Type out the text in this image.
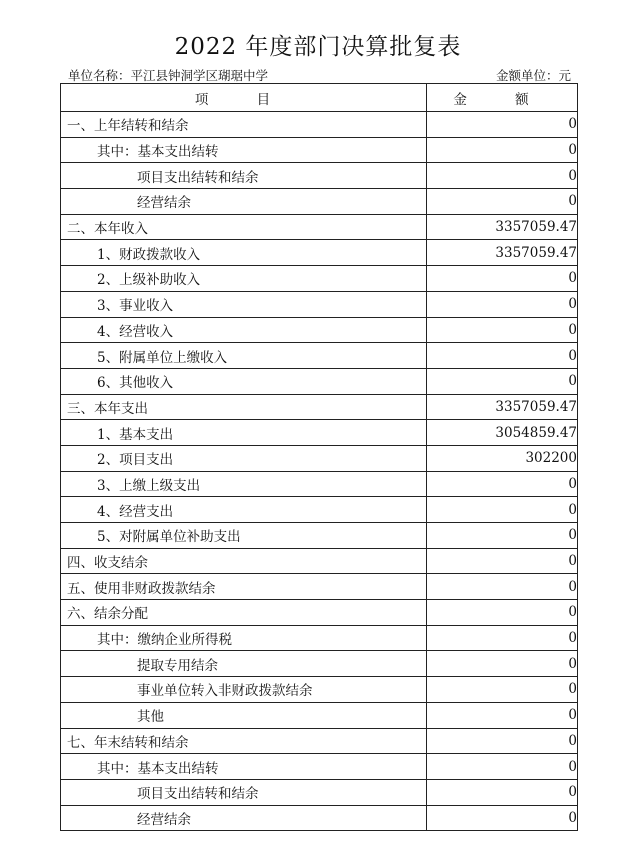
2022 年度部门决算批复表
单位名称：平江县钟洞学区瑚琚中学	金额单位：元
项 目	金 额
一、上年结转和结余	0
其中：基本支出结转	0
项目支出结转和结余	0
经营结余	0
二、本年收入	3357059.47
1、财政拨款收入	3357059.47
2、上级补助收入	0
3、事业收入	0
4、经营收入	0
5、附属单位上缴收入	0
6、其他收入	0
三、本年支出	3357059.47
1、基本支出	3054859.47
2、项目支出	302200
3、上缴上级支出	0
4、经营支出	0
5、对附属单位补助支出	0
四、收支结余	0
五、使用非财政拨款结余	0
六、结余分配	0
其中：缴纳企业所得税	0
提取专用结余	0
事业单位转入非财政拨款结余	0
其他	0
七、年末结转和结余	0
其中：基本支出结转	0
项目支出结转和结余	0
经营结余	0
